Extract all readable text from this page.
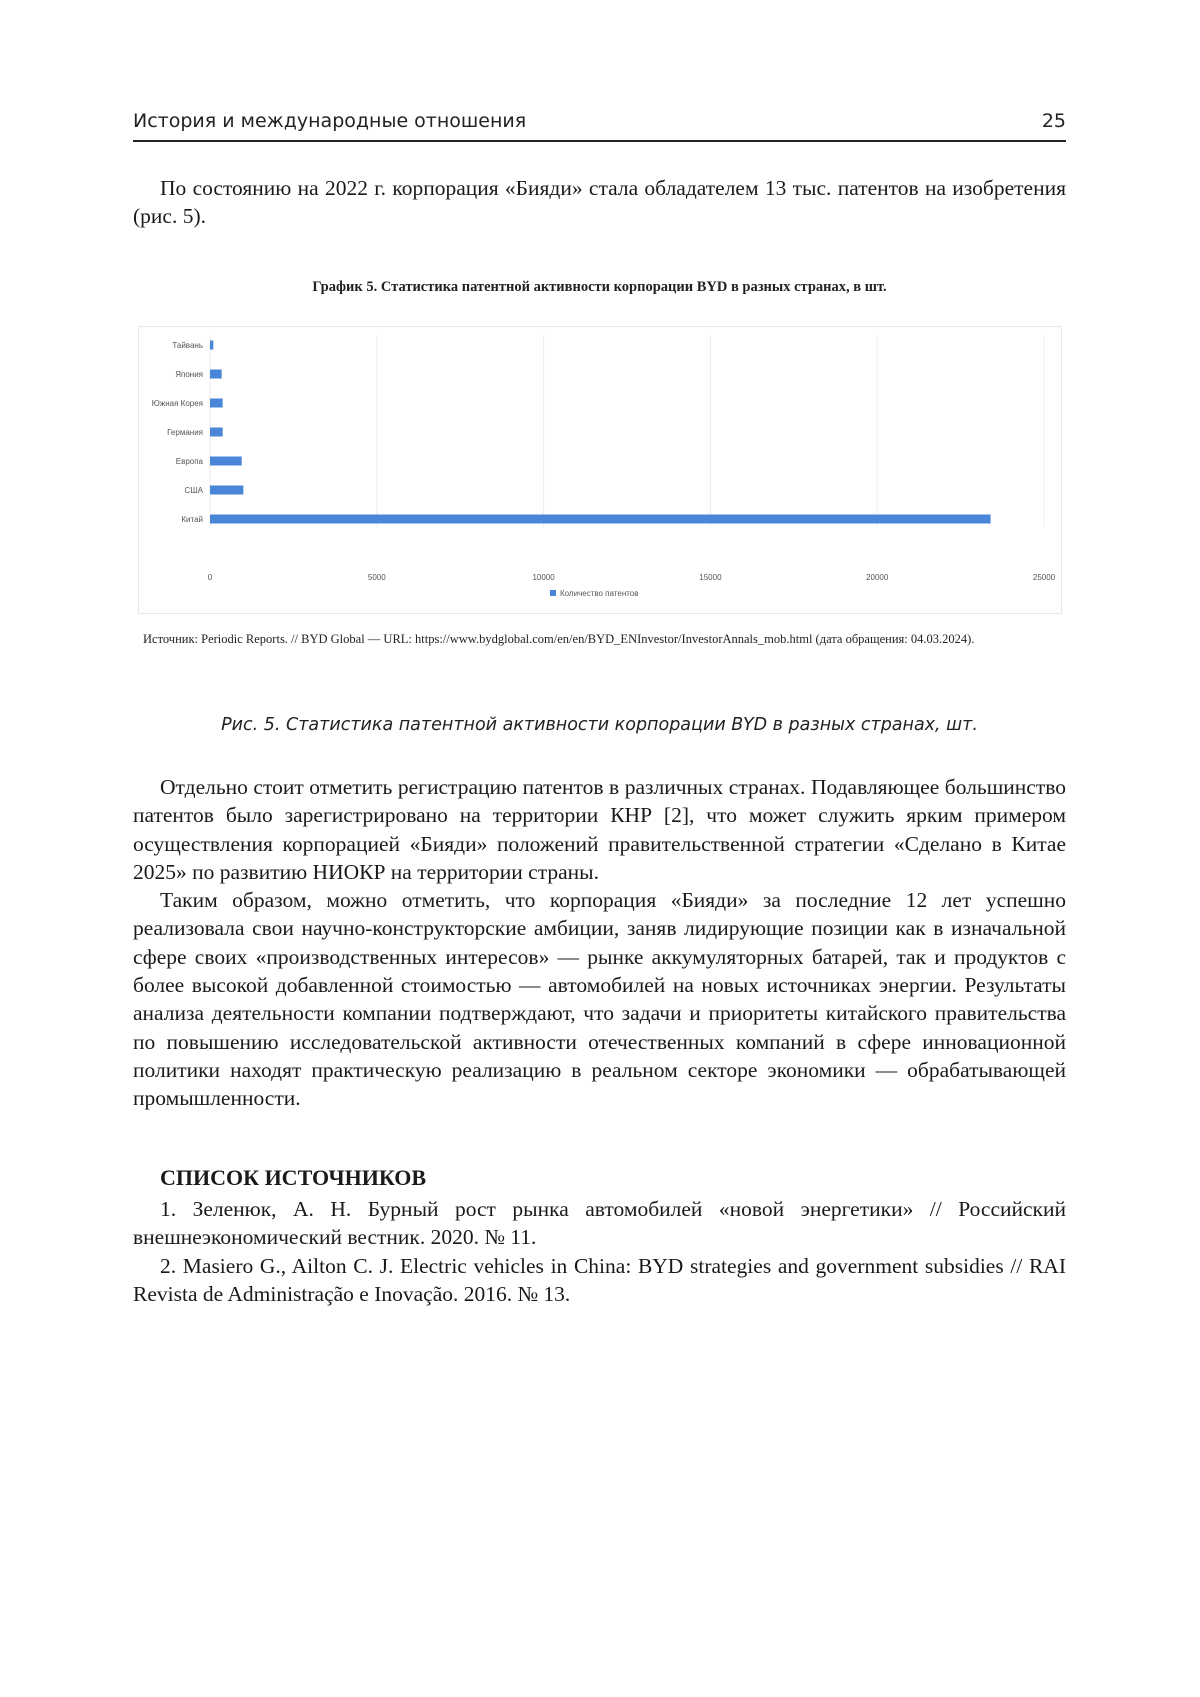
История и международные отношения	25

По состоянию на 2022 г. корпорация «Бияди» стала обладателем 13 тыс. патентов на изобретения (рис. 5).

График 5. Статистика патентной активности корпорации BYD в разных странах, в шт.
0	5000	10000	15000	20000	25000
Тайвань
Япония
Южная Корея
Германия
Европа
США
Китай
Количество патентов
Источник: Periodic Reports. // BYD Global — URL: https://www.bydglobal.com/en/en/BYD_ENInvestor/InvestorAnnals_mob.html (дата обращения: 04.03.2024).
Рис. 5. Статистика патентной активности корпорации BYD в разных странах, шт.

Отдельно стоит отметить регистрацию патентов в различных странах. Подавляющее большинство патентов было зарегистрировано на территории КНР [2], что может служить ярким примером осуществления корпорацией «Бияди» положений правительственной стратегии «Сделано в Китае 2025» по развитию НИОКР на территории страны.

Таким образом, можно отметить, что корпорация «Бияди» за последние 12 лет успешно реализовала свои научно-конструкторские амбиции, заняв лидирующие позиции как в изначальной сфере своих «производственных интересов» — рынке аккумуляторных батарей, так и продуктов с более высокой добавленной стоимостью — автомобилей на новых источниках энергии. Результаты анализа деятельности компании подтверждают, что задачи и приоритеты китайского правительства по повышению исследовательской активности отечественных компаний в сфере инновационной политики находят практическую реализацию в реальном секторе экономики — обрабатывающей промышленности.

СПИСОК ИСТОЧНИКОВ

1. Зеленюк, А. Н. Бурный рост рынка автомобилей «новой энергетики» // Российский внешнеэкономический вестник. 2020. № 11.

2. Masiero G., Ailton C. J. Electric vehicles in China: BYD strategies and government subsidies // RAI Revista de Administração e Inovação. 2016. № 13.
